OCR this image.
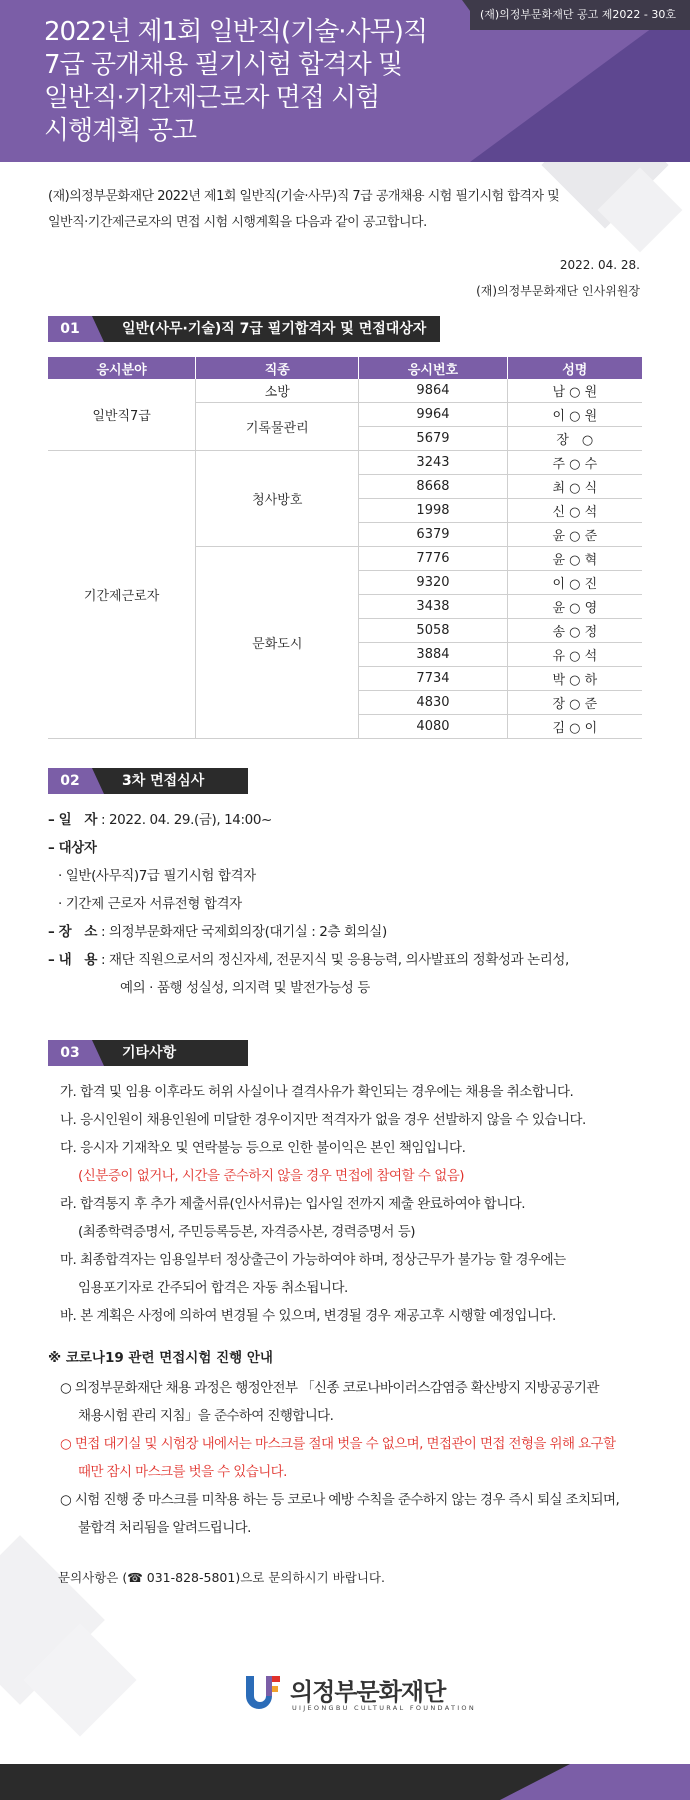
2022년 제1회 일반직(기술·사무)직
7급 공개채용 필기시험 합격자 및
일반직·기간제근로자 면접 시험
시행계획 공고
(재)의정부문화재단 공고 제2022 - 30호
(재)의정부문화재단 2022년 제1회 일반직(기술·사무)직 7급 공개채용 시험 필기시험 합격자 및
일반직·기간제근로자의 면접 시험 시행계획을 다음과 같이 공고합니다.
2022. 04. 28.
(재)의정부문화재단 인사위원장
01	일반(사무·기술)직 7급 필기합격자 및 면접대상자
응시분야	직종	응시번호	성명
일반직7급	소방	9864	남 ○ 원
	기록물관리	9964	이 ○ 원
		5679	장　○
기간제근로자	청사방호	3243	주 ○ 수
		8668	최 ○ 식
		1998	신 ○ 석
		6379	윤 ○ 준
	문화도시	7776	윤 ○ 혁
		9320	이 ○ 진
		3438	윤 ○ 영
		5058	송 ○ 정
		3884	유 ○ 석
		7734	박 ○ 하
		4830	장 ○ 준
		4080	김 ○ 이
02	3차 면접심사
– 일　자 : 2022. 04. 29.(금), 14:00~
– 대상자
· 일반(사무직)7급 필기시험 합격자
· 기간제 근로자 서류전형 합격자
– 장　소 : 의정부문화재단 국제회의장(대기실 : 2층 회의실)
– 내　용 : 재단 직원으로서의 정신자세, 전문지식 및 응용능력, 의사발표의 정확성과 논리성,
예의 · 품행 성실성, 의지력 및 발전가능성 등
03	기타사항
가. 합격 및 임용 이후라도 허위 사실이나 결격사유가 확인되는 경우에는 채용을 취소합니다.
나. 응시인원이 채용인원에 미달한 경우이지만 적격자가 없을 경우 선발하지 않을 수 있습니다.
다. 응시자 기재착오 및 연락불능 등으로 인한 불이익은 본인 책임입니다.
(신분증이 없거나, 시간을 준수하지 않을 경우 면접에 참여할 수 없음)
라. 합격통지 후 추가 제출서류(인사서류)는 입사일 전까지 제출 완료하여야 합니다.
(최종학력증명서, 주민등록등본, 자격증사본, 경력증명서 등)
마. 최종합격자는 임용일부터 정상출근이 가능하여야 하며, 정상근무가 불가능 할 경우에는
임용포기자로 간주되어 합격은 자동 취소됩니다.
바. 본 계획은 사정에 의하여 변경될 수 있으며, 변경될 경우 재공고후 시행할 예정입니다.
※ 코로나19 관련 면접시험 진행 안내
○ 의정부문화재단 채용 과정은 행정안전부 「신종 코로나바이러스감염증 확산방지 지방공공기관
채용시험 관리 지침」을 준수하여 진행합니다.
○ 면접 대기실 및 시험장 내에서는 마스크를 절대 벗을 수 없으며, 면접관이 면접 전형을 위해 요구할
때만 잠시 마스크를 벗을 수 있습니다.
○ 시험 진행 중 마스크를 미착용 하는 등 코로나 예방 수칙을 준수하지 않는 경우 즉시 퇴실 조치되며,
불합격 처리됨을 알려드립니다.
문의사항은 (☎ 031-828-5801)으로 문의하시기 바랍니다.
의정부문화재단
UIJEONGBU CULTURAL FOUNDATION
